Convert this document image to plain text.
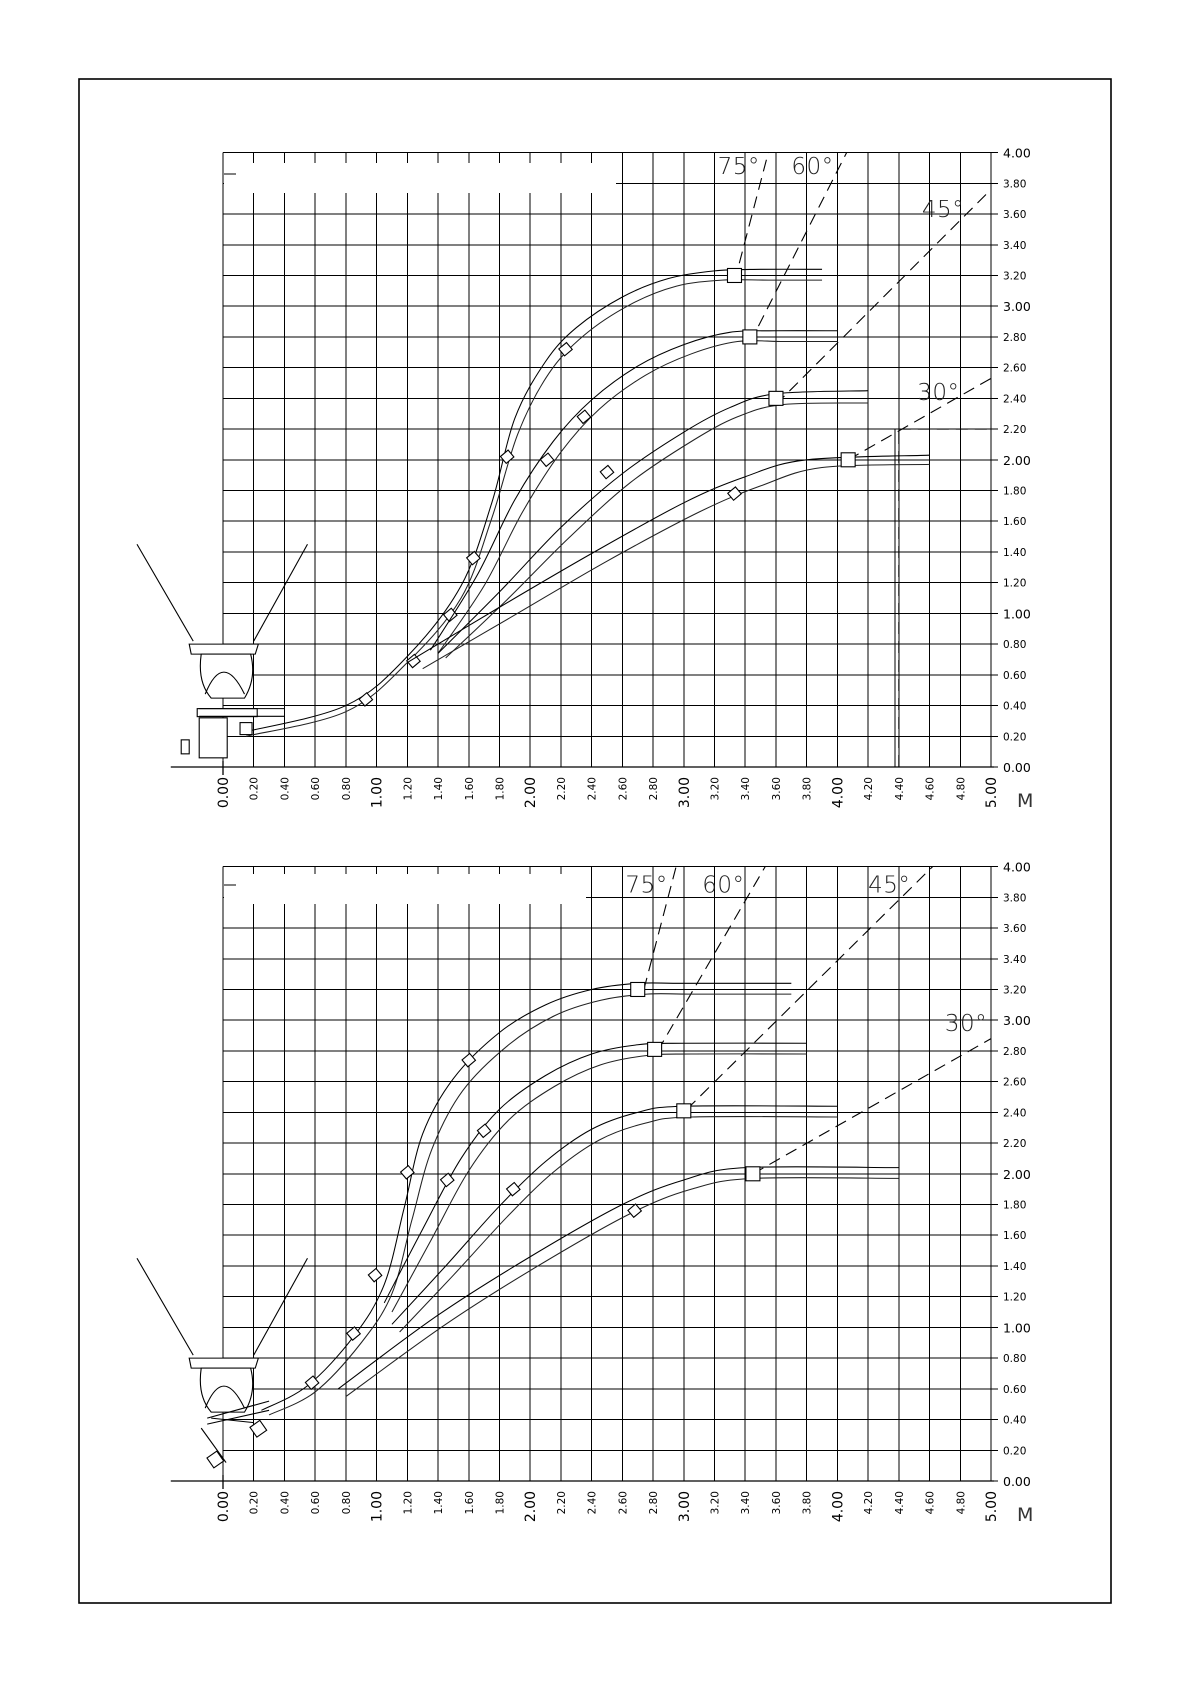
0.00
0.20
0.40
0.60
0.80
1.00
1.20
1.40
1.60
1.80
2.00
2.20
2.40
2.60
2.80
3.00
3.20
3.40
3.60
3.80
4.00
0.00 0.20 0.40 0.60 0.80 1.00 1.20 1.40 1.60 1.80 2.00 2.20 2.40 2.60 2.80 3.00 3.20 3.40 3.60 3.80 4.00 4.20 4.40 4.60 4.80 5.00 M
75° 60°
45°
30°
0.00
0.20
0.40
0.60
0.80
1.00
1.20
1.40
1.60
1.80
2.00
2.20
2.40
2.60
2.80
3.00
3.20
3.40
3.60
3.80
4.00
0.00 0.20 0.40 0.60 0.80 1.00 1.20 1.40 1.60 1.80 2.00 2.20 2.40 2.60 2.80 3.00 3.20 3.40 3.60 3.80 4.00 4.20 4.40 4.60 4.80 5.00 M
75° 60°	45°
30°
